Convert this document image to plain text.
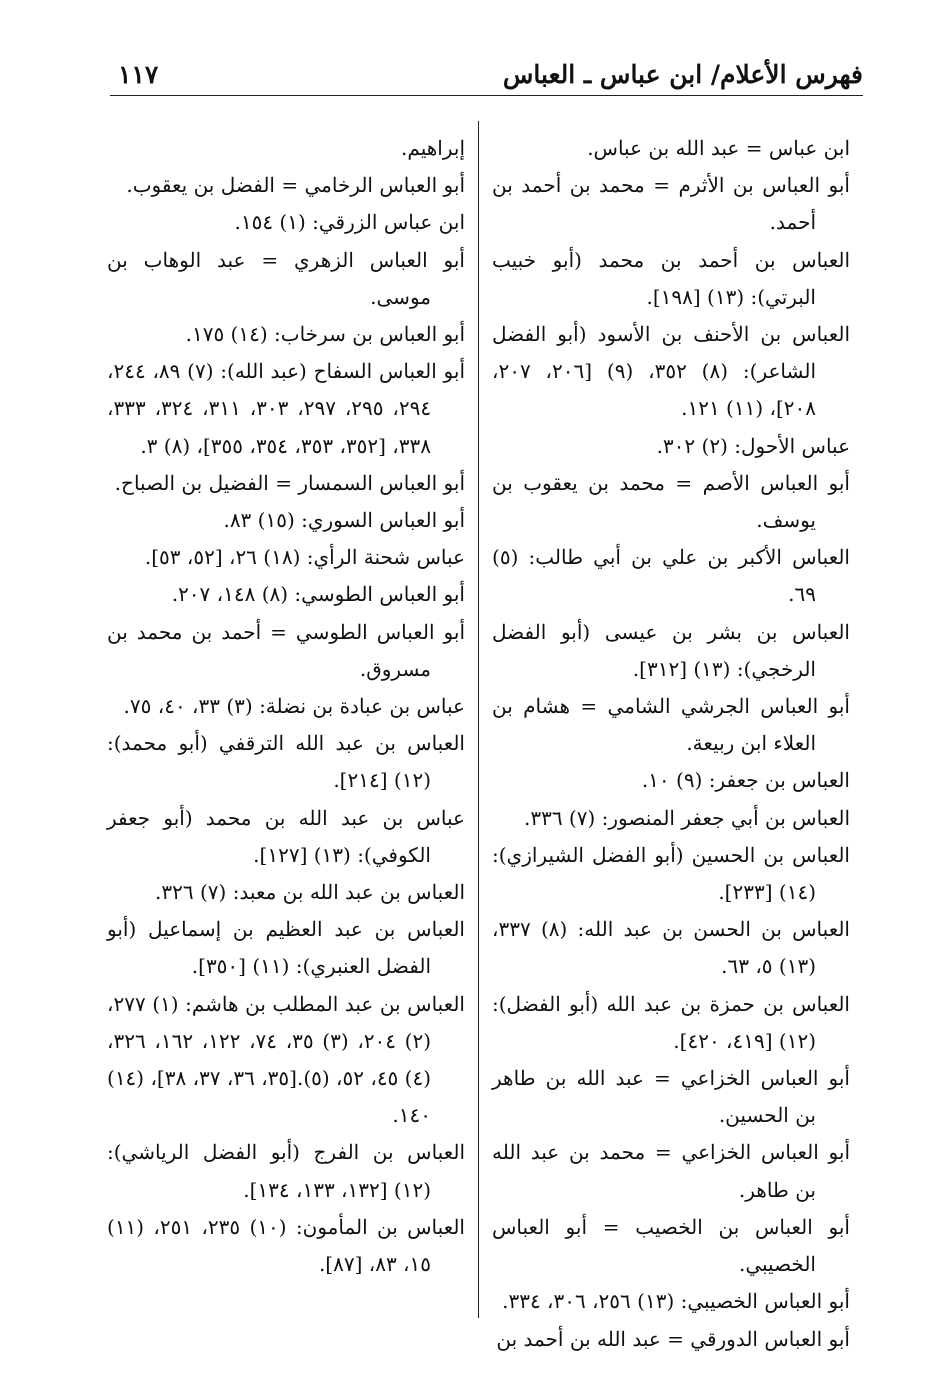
فهرس الأعلام/ ابن عباس ـ العباس
١١٧
ابن عباس = عبد الله بن عباس.
أبو العباس بن الأثرم = محمد بن أحمد بن أحمد.
العباس بن أحمد بن محمد (أبو خبيب البرتي): (١٣) [١٩٨].
العباس بن الأحنف بن الأسود (أبو الفضل الشاعر): (٨) ٣٥٢، (٩) [٢٠٦، ٢٠٧، ٢٠٨]، (١١) ١٢١.
عباس الأحول: (٢) ٣٠٢.
أبو العباس الأصم = محمد بن يعقوب بن يوسف.
العباس الأكبر بن علي بن أبي طالب: (٥) ٦٩.
العباس بن بشر بن عيسى (أبو الفضل الرخجي): (١٣) [٣١٢].
أبو العباس الجرشي الشامي = هشام بن العلاء ابن ربيعة.
العباس بن جعفر: (٩) ١٠.
العباس بن أبي جعفر المنصور: (٧) ٣٣٦.
العباس بن الحسين (أبو الفضل الشيرازي): (١٤) [٢٣٣].
العباس بن الحسن بن عبد الله: (٨) ٣٣٧، (١٣) ٥، ٦٣.
العباس بن حمزة بن عبد الله (أبو الفضل): (١٢) [٤١٩، ٤٢٠].
أبو العباس الخزاعي = عبد الله بن طاهر بن الحسين.
أبو العباس الخزاعي = محمد بن عبد الله بن طاهر.
أبو العباس بن الخصيب = أبو العباس الخصيبي.
أبو العباس الخصيبي: (١٣) ٢٥٦، ٣٠٦، ٣٣٤.
أبو العباس الدورقي = عبد الله بن أحمد بن
إبراهيم.
أبو العباس الرخامي = الفضل بن يعقوب.
ابن عباس الزرقي: (١) ١٥٤.
أبو العباس الزهري = عبد الوهاب بن موسى.
أبو العباس بن سرخاب: (١٤) ١٧٥.
أبو العباس السفاح (عبد الله): (٧) ٨٩، ٢٤٤، ٢٩٤، ٢٩٥، ٢٩٧، ٣٠٣، ٣١١، ٣٢٤، ٣٣٣، ٣٣٨، [٣٥٢، ٣٥٣، ٣٥٤، ٣٥٥]، (٨) ٣.
أبو العباس السمسار = الفضيل بن الصباح.
أبو العباس السوري: (١٥) ٨٣.
عباس شحنة الرأي: (١٨) ٢٦، [٥٢، ٥٣].
أبو العباس الطوسي: (٨) ١٤٨، ٢٠٧.
أبو العباس الطوسي = أحمد بن محمد بن مسروق.
عباس بن عبادة بن نضلة: (٣) ٣٣، ٤٠، ٧٥.
العباس بن عبد الله الترقفي (أبو محمد): (١٢) [٢١٤].
عباس بن عبد الله بن محمد (أبو جعفر الكوفي): (١٣) [١٢٧].
العباس بن عبد الله بن معبد: (٧) ٣٢٦.
العباس بن عبد العظيم بن إسماعيل (أبو الفضل العنبري): (١١) [٣٥٠].
العباس بن عبد المطلب بن هاشم: (١) ٢٧٧، (٢) ٢٠٤، (٣) ٣٥، ٧٤، ١٢٢، ١٦٢، ٣٢٦، (٤) ٤٥، ٥٢، (٥).[٣٥، ٣٦، ٣٧، ٣٨]، (١٤) ١٤٠.
العباس بن الفرج (أبو الفضل الرياشي): (١٢) [١٣٢، ١٣٣، ١٣٤].
العباس بن المأمون: (١٠) ٢٣٥، ٢٥١، (١١) ١٥، ٨٣، [٨٧].
